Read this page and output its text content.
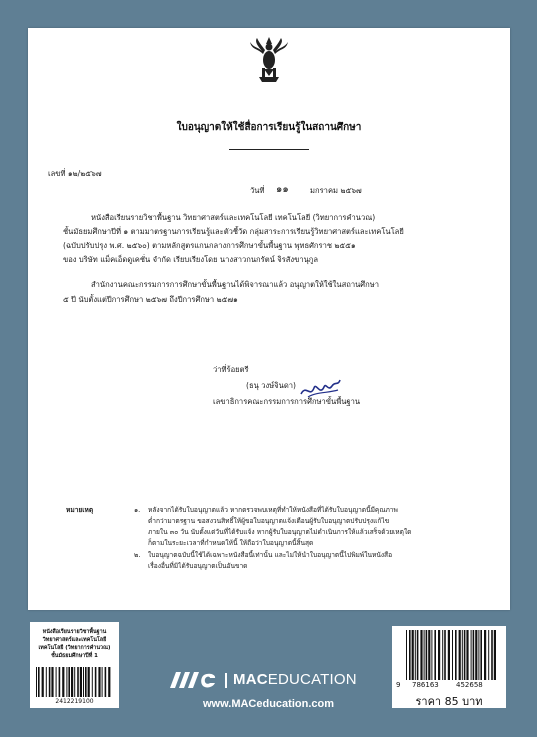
ใบอนุญาตให้ใช้สื่อการเรียนรู้ในสถานศึกษา
เลขที่ ๑๒/๒๕๖๗
วันที่ ๑๑	มกราคม ๒๕๖๗
หนังสือเรียนรายวิชาพื้นฐาน วิทยาศาสตร์และเทคโนโลยี เทคโนโลยี (วิทยาการคำนวณ)
ชั้นมัธยมศึกษาปีที่ ๑ ตามมาตรฐานการเรียนรู้และตัวชี้วัด กลุ่มสาระการเรียนรู้วิทยาศาสตร์และเทคโนโลยี
(ฉบับปรับปรุง พ.ศ. ๒๕๖๐) ตามหลักสูตรแกนกลางการศึกษาขั้นพื้นฐาน พุทธศักราช ๒๕๕๑
ของ บริษัท แม็คเอ็ดดูเคชั่น จำกัด เรียบเรียงโดย นางสาวกนกรัตน์ จิรสังขานุกูล
สำนักงานคณะกรรมการการศึกษาขั้นพื้นฐานได้พิจารณาแล้ว อนุญาตให้ใช้ในสถานศึกษา
๕ ปี นับตั้งแต่ปีการศึกษา ๒๕๖๗ ถึงปีการศึกษา ๒๕๗๑
ว่าที่ร้อยตรี
(ธนุ วงษ์จินดา)
เลขาธิการคณะกรรมการการศึกษาขั้นพื้นฐาน
หมายเหตุ	๑. หลังจากได้รับใบอนุญาตแล้ว หากตรวจพบเหตุที่ทำให้หนังสือที่ได้รับใบอนุญาตนี้มีคุณภาพ
ต่ำกว่ามาตรฐาน ขอสงวนสิทธิ์ให้ผู้ขอใบอนุญาตแจ้งเตือนผู้รับใบอนุญาตปรับปรุงแก้ไข
ภายใน ๓๐ วัน นับตั้งแต่วันที่ได้รับแจ้ง หากผู้รับใบอนุญาตไม่ดำเนินการให้แล้วเสร็จด้วยเหตุใด
ก็ตามในระยะเวลาที่กำหนดให้นี้ ให้ถือว่าใบอนุญาตนี้สิ้นสุด
๒. ใบอนุญาตฉบับนี้ใช้ได้เฉพาะหนังสือนี้เท่านั้น และไม่ให้นำใบอนุญาตนี้ไปพิมพ์ในหนังสือ
เรื่องอื่นที่มิได้รับอนุญาตเป็นอันขาด
หนังสือเรียนรายวิชาพื้นฐาน
วิทยาศาสตร์และเทคโนโลยี
เทคโนโลยี (วิทยาการคำนวณ)
ชั้นมัธยมศึกษาปีที่ 1
2412219100
MACEDUCATION
www.MACeducation.com
9 786163 452658
ราคา 85 บาท
